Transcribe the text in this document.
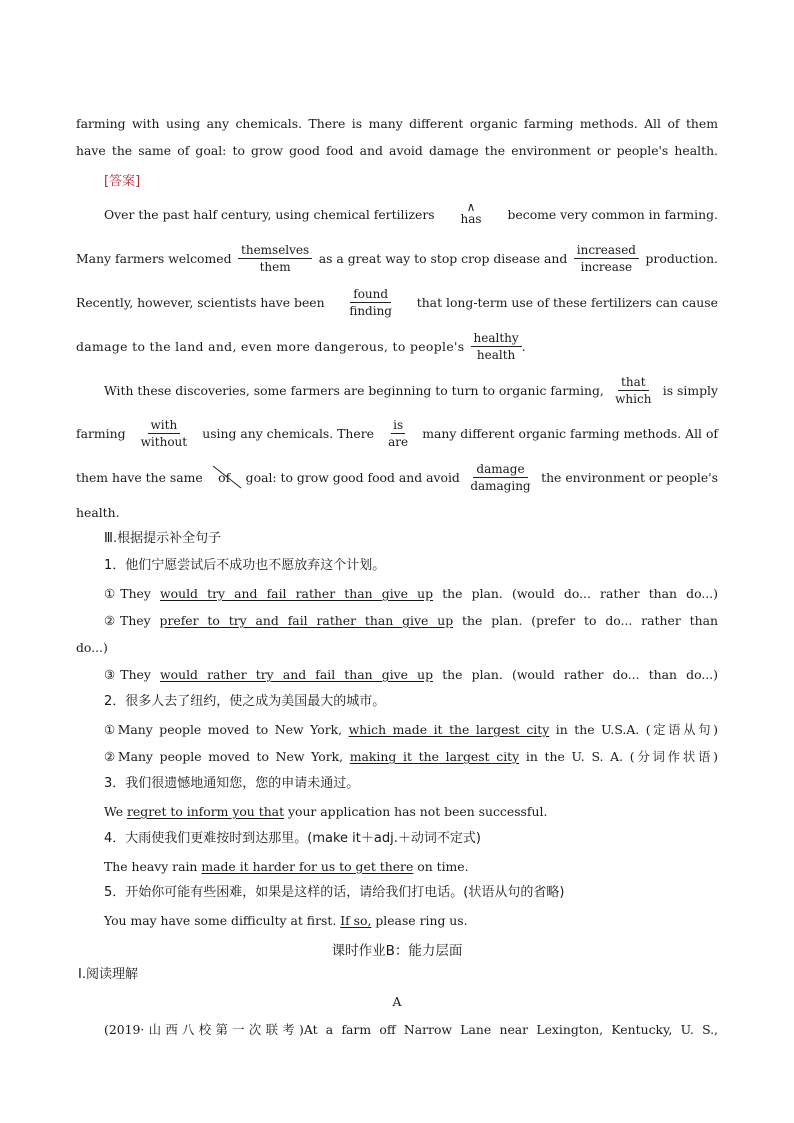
farming with using any chemicals. There is many different organic farming methods. All of them
have the same of goal: to grow good food and avoid damage the environment or people's health.
[答案]
Over the past half century, using chemical fertilizers	∧
has become very common in farming.
Many farmers welcomed $\frac{\text{themselves}}{\text{them}}$ as a great way to stop crop disease and $\frac{\text{increased}}{\text{increase}}$ production.
Recently, however, scientists have been $\frac{\text{found}}{\text{finding}}$ that long-term use of these fertilizers can cause
damage to the land and, even more dangerous, to people's $\frac{\text{healthy}}{\text{health}}$ .
With these discoveries, some farmers are beginning to turn to organic farming, $\frac{\text{that}}{\text{which}}$ is simply
farming $\frac{\text{with}}{\text{without}}$ using any chemicals. There $\frac{is}{\text{are}}$ many different organic farming methods. All of
them have the same	of	goal: to grow good food and avoid $\frac{\text{damage}}{\text{damaging}}$ the environment or people's
health.
Ⅲ.根据提示补全句子
1．他们宁愿尝试后不成功也不愿放弃这个计划。
①They would try and fail rather than give up the plan. (would do... rather than do...)
②They prefer to try and fail rather than give up the plan. (prefer to do... rather than
do...)
③They would rather try and fail than give up the plan. (would rather do... than do...)
2．很多人去了纽约，使之成为美国最大的城市。
①Many people moved to New York, which made it the largest city in the U.S.A. (定语从句)
②Many people moved to New York, making it the largest city in the U. S. A. (分词作状语)
3．我们很遗憾地通知您，您的申请未通过。
We regret to inform you that your application has not been successful.
4．大雨使我们更难按时到达那里。(make it＋adj.＋动词不定式)
The heavy rain made it harder for us to get there on time.
5．开始你可能有些困难，如果是这样的话，请给我们打电话。(状语从句的省略)
You may have some difficulty at first. If so, please ring us.
课时作业B：能力层面
Ⅰ.阅读理解
A
(2019·山西八校第一次联考)At a farm off Narrow Lane near Lexington, Kentucky, U. S.,
